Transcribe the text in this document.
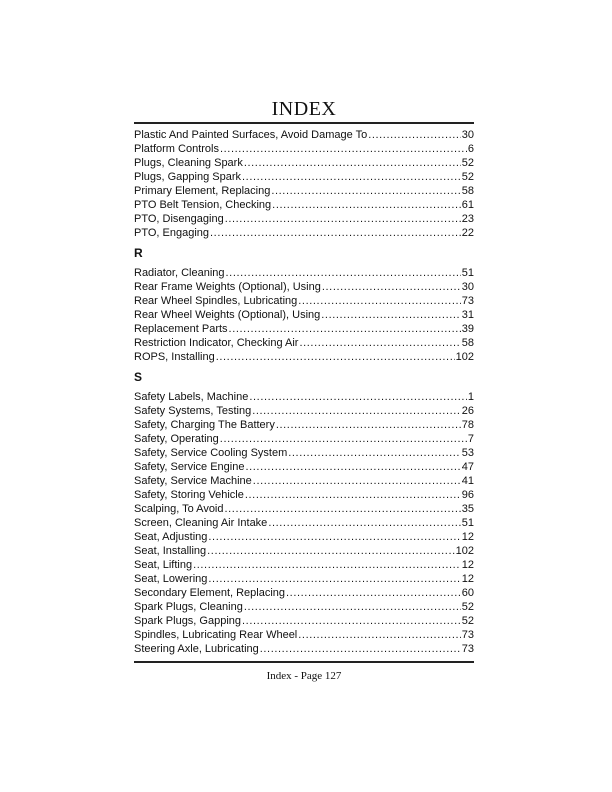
INDEX
Plastic And Painted Surfaces, Avoid Damage To .....	30
Platform Controls .....	6
Plugs, Cleaning Spark .....	52
Plugs, Gapping Spark .....	52
Primary Element, Replacing .....	58
PTO Belt Tension, Checking .....	61
PTO, Disengaging .....	23
PTO, Engaging .....	22
R
Radiator, Cleaning .....	51
Rear Frame Weights (Optional), Using .....	30
Rear Wheel Spindles, Lubricating .....	73
Rear Wheel Weights (Optional), Using .....	31
Replacement Parts .....	39
Restriction Indicator, Checking Air .....	58
ROPS, Installing .....	102
S
Safety Labels, Machine .....	1
Safety Systems, Testing .....	26
Safety, Charging The Battery .....	78
Safety, Operating .....	7
Safety, Service Cooling System .....	53
Safety, Service Engine .....	47
Safety, Service Machine .....	41
Safety, Storing Vehicle .....	96
Scalping, To Avoid .....	35
Screen, Cleaning Air Intake .....	51
Seat, Adjusting .....	12
Seat, Installing .....	102
Seat, Lifting .....	12
Seat, Lowering .....	12
Secondary Element, Replacing .....	60
Spark Plugs, Cleaning .....	52
Spark Plugs, Gapping .....	52
Spindles, Lubricating Rear Wheel .....	73
Steering Axle, Lubricating .....	73
Index - Page 127
